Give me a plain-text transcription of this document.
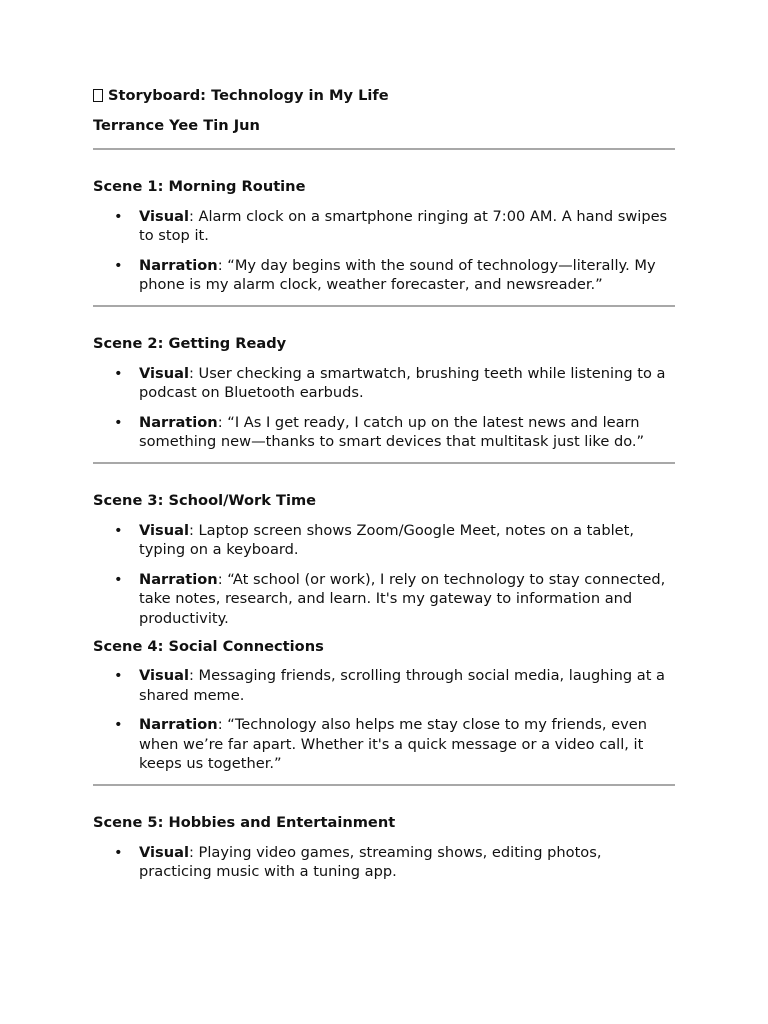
Storyboard: Technology in My Life

Terrance Yee Tin Jun

Scene 1: Morning Routine

• Visual: Alarm clock on a smartphone ringing at 7:00 AM. A hand swipes to stop it.
• Narration: “My day begins with the sound of technology—literally. My phone is my alarm clock, weather forecaster, and newsreader.”

Scene 2: Getting Ready

• Visual: User checking a smartwatch, brushing teeth while listening to a podcast on Bluetooth earbuds.
• Narration: “I As I get ready, I catch up on the latest news and learn something new—thanks to smart devices that multitask just like do.”

Scene 3: School/Work Time

• Visual: Laptop screen shows Zoom/Google Meet, notes on a tablet, typing on a keyboard.
• Narration: “At school (or work), I rely on technology to stay connected, take notes, research, and learn. It's my gateway to information and productivity.

Scene 4: Social Connections

• Visual: Messaging friends, scrolling through social media, laughing at a shared meme.
• Narration: “Technology also helps me stay close to my friends, even when we’re far apart. Whether it's a quick message or a video call, it keeps us together.”

Scene 5: Hobbies and Entertainment

• Visual: Playing video games, streaming shows, editing photos, practicing music with a tuning app.
